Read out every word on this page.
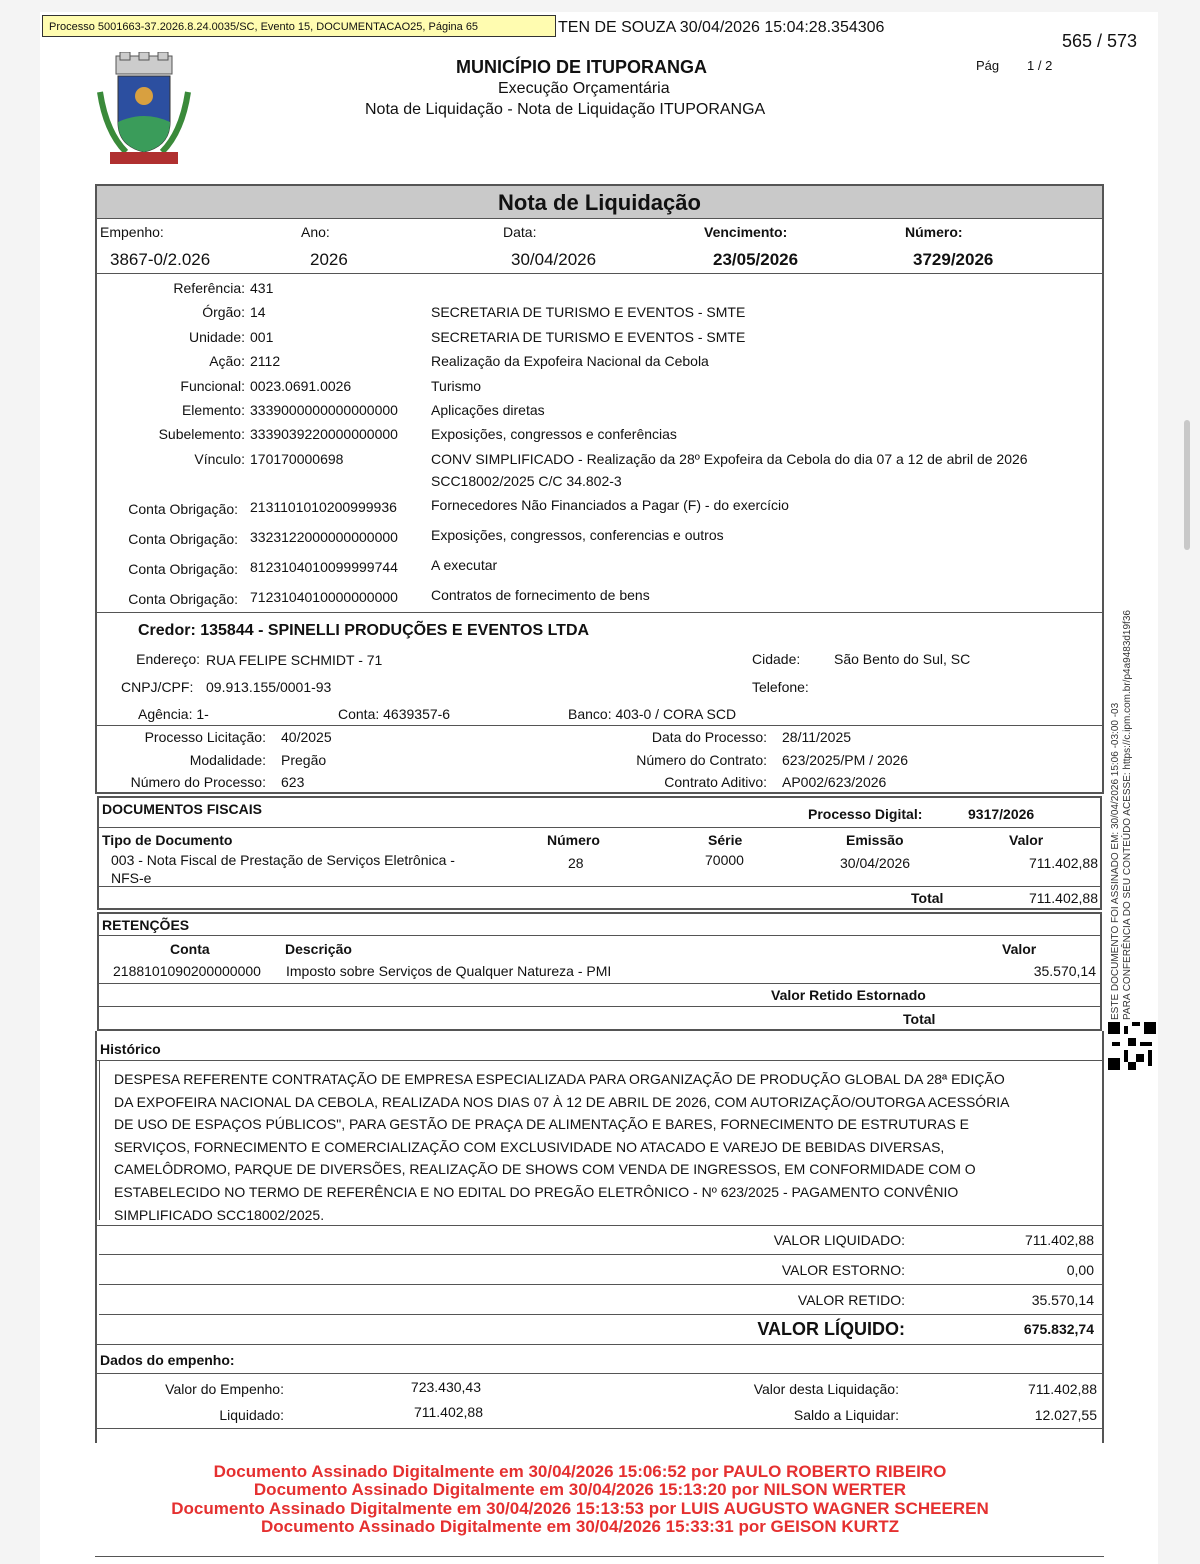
Processo 5001663-37.2026.8.24.0035/SC, Evento 15, DOCUMENTACAO25, Página 65	TEN DE SOUZA 30/04/2026 15:04:28.354306
565 / 573
MUNICÍPIO DE ITUPORANGA
Execução Orçamentária
Nota de Liquidação - Nota de Liquidação ITUPORANGA
Pág 1 / 2
Nota de Liquidação
Empenho:	Ano:	Data:	Vencimento:	Número:
3867-0/2.026	2026	30/04/2026	23/05/2026	3729/2026
Referência: 431
Órgão: 14	SECRETARIA DE TURISMO E EVENTOS - SMTE
Unidade: 001	SECRETARIA DE TURISMO E EVENTOS - SMTE
Ação: 2112	Realização da Expofeira Nacional da Cebola
Funcional: 0023.0691.0026	Turismo
Elemento: 3339000000000000000 Aplicações diretas
Subelemento: 3339039220000000000 Exposições, congressos e conferências
Vínculo: 170170000698	CONV SIMPLIFICADO - Realização da 28º Expofeira da Cebola do dia 07 a 12 de abril de 2026
SCC18002/2025 C/C 34.802-3
Conta Obrigação: 2131101010200999936 Fornecedores Não Financiados a Pagar (F) - do exercício
Conta Obrigação: 3323122000000000000 Exposições, congressos, conferencias e outros
Conta Obrigação: 8123104010099999744 A executar
Conta Obrigação: 7123104010000000000 Contratos de fornecimento de bens
Credor: 135844 - SPINELLI PRODUÇÕES E EVENTOS LTDA
Endereço: RUA FELIPE SCHMIDT - 71	Cidade: São Bento do Sul, SC
CNPJ/CPF: 09.913.155/0001-93	Telefone:
Agência: 1-	Conta: 4639357-6	Banco: 403-0 / CORA SCD
Processo Licitação: 40/2025
Modalidade: Pregão
Número do Processo: 623
Data do Processo: 28/11/2025
Número do Contrato: 623/2025/PM / 2026
Contrato Aditivo: AP002/623/2026
DOCUMENTOS FISCAIS	Processo Digital:	9317/2026
Tipo de Documento	Número	Série	Emissão	Valor
003 - Nota Fiscal de Prestação de Serviços Eletrônica -
NFS-e
28	70000	30/04/2026	711.402,88
Total	711.402,88
RETENÇÕES
Conta	Descrição	Valor
2188101090200000000 Imposto sobre Serviços de Qualquer Natureza - PMI	35.570,14
Valor Retido Estornado
Total
Histórico
DESPESA REFERENTE CONTRATAÇÃO DE EMPRESA ESPECIALIZADA PARA ORGANIZAÇÃO DE PRODUÇÃO GLOBAL DA 28ª EDIÇÃO
DA EXPOFEIRA NACIONAL DA CEBOLA, REALIZADA NOS DIAS 07 À 12 DE ABRIL DE 2026, COM AUTORIZAÇÃO/OUTORGA ACESSÓRIA
DE USO DE ESPAÇOS PÚBLICOS", PARA GESTÃO DE PRAÇA DE ALIMENTAÇÃO E BARES, FORNECIMENTO DE ESTRUTURAS E
SERVIÇOS, FORNECIMENTO E COMERCIALIZAÇÃO COM EXCLUSIVIDADE NO ATACADO E VAREJO DE BEBIDAS DIVERSAS,
CAMELÔDROMO, PARQUE DE DIVERSÕES, REALIZAÇÃO DE SHOWS COM VENDA DE INGRESSOS, EM CONFORMIDADE COM O
ESTABELECIDO NO TERMO DE REFERÊNCIA E NO EDITAL DO PREGÃO ELETRÔNICO - Nº 623/2025 - PAGAMENTO CONVÊNIO
SIMPLIFICADO SCC18002/2025.
VALOR LIQUIDADO:	711.402,88
VALOR ESTORNO:	0,00
VALOR RETIDO:	35.570,14
VALOR LÍQUIDO:	675.832,74
Dados do empenho:
Valor do Empenho:	723.430,43
Liquidado:	711.402,88
Valor desta Liquidação:	711.402,88
Saldo a Liquidar:	12.027,55
Documento Assinado Digitalmente em 30/04/2026 15:06:52 por PAULO ROBERTO RIBEIRO
Documento Assinado Digitalmente em 30/04/2026 15:13:20 por NILSON WERTER
Documento Assinado Digitalmente em 30/04/2026 15:13:53 por LUIS AUGUSTO WAGNER SCHEEREN
Documento Assinado Digitalmente em 30/04/2026 15:33:31 por GEISON KURTZ
ESTE DOCUMENTO FOI ASSINADO EM: 30/04/2026 15:06 -03:00 -03 PARA CONFERÊNCIA DO SEU CONTEÚDO ACESSE: https://c.ipm.com.br/p4a9483d19f36
